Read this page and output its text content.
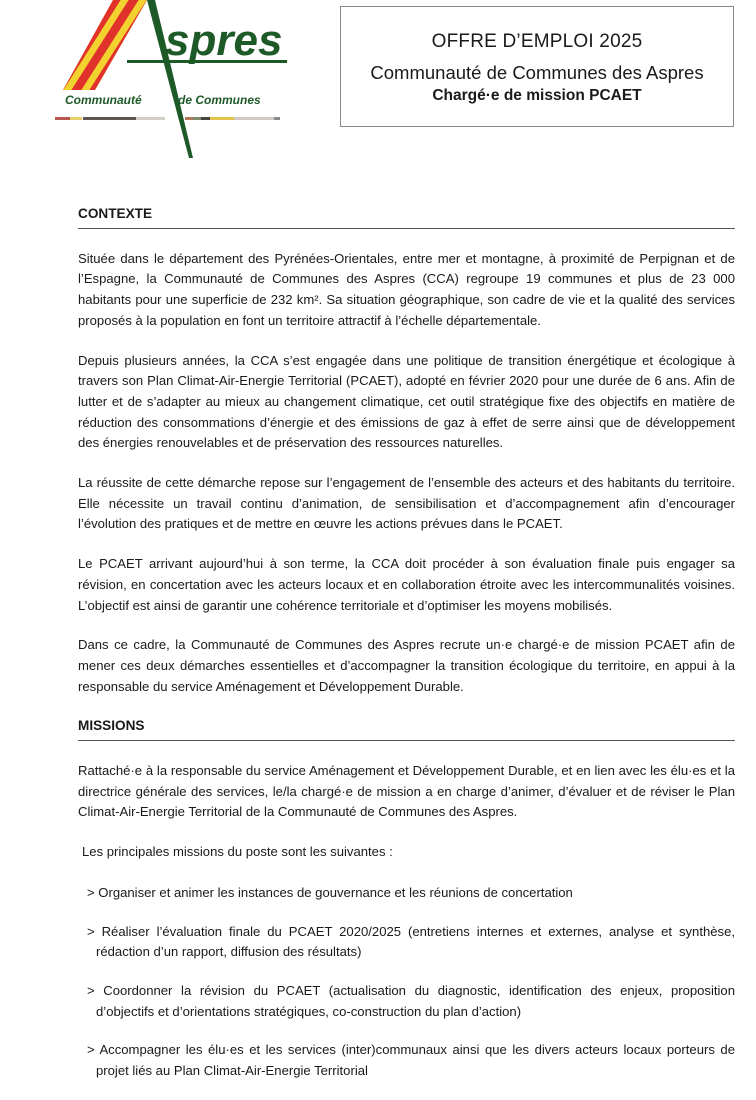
spres
Communauté	de Communes
OFFRE D’EMPLOI 2025
Communauté de Communes des Aspres
Chargé·e de mission PCAET
CONTEXTE

Située dans le département des Pyrénées-Orientales, entre mer et montagne, à proximité de Perpignan et de l’Espagne, la Communauté de Communes des Aspres (CCA) regroupe 19 communes et plus de 23 000 habitants pour une superficie de 232 km². Sa situation géographique, son cadre de vie et la qualité des services proposés à la population en font un territoire attractif à l’échelle départementale.

Depuis plusieurs années, la CCA s’est engagée dans une politique de transition énergétique et écologique à travers son Plan Climat-Air-Energie Territorial (PCAET), adopté en février 2020 pour une durée de 6 ans. Afin de lutter et de s’adapter au mieux au changement climatique, cet outil stratégique fixe des objectifs en matière de réduction des consommations d’énergie et des émissions de gaz à effet de serre ainsi que de développement des énergies renouvelables et de préservation des ressources naturelles.

La réussite de cette démarche repose sur l’engagement de l’ensemble des acteurs et des habitants du territoire. Elle nécessite un travail continu d’animation, de sensibilisation et d’accompagnement afin d’encourager l’évolution des pratiques et de mettre en œuvre les actions prévues dans le PCAET.

Le PCAET arrivant aujourd’hui à son terme, la CCA doit procéder à son évaluation finale puis engager sa révision, en concertation avec les acteurs locaux et en collaboration étroite avec les intercommunalités voisines. L’objectif est ainsi de garantir une cohérence territoriale et d’optimiser les moyens mobilisés.

Dans ce cadre, la Communauté de Communes des Aspres recrute un·e chargé·e de mission PCAET afin de mener ces deux démarches essentielles et d’accompagner la transition écologique du territoire, en appui à la responsable du service Aménagement et Développement Durable.

MISSIONS

Rattaché·e à la responsable du service Aménagement et Développement Durable, et en lien avec les élu·es et la directrice générale des services, le/la chargé·e de mission a en charge d’animer, d’évaluer et de réviser le Plan Climat-Air-Energie Territorial de la Communauté de Communes des Aspres.

Les principales missions du poste sont les suivantes :
> Organiser et animer les instances de gouvernance et les réunions de concertation
> Réaliser l’évaluation finale du PCAET 2020/2025 (entretiens internes et externes, analyse et synthèse, rédaction d’un rapport, diffusion des résultats)
> Coordonner la révision du PCAET (actualisation du diagnostic, identification des enjeux, proposition d’objectifs et d’orientations stratégiques, co-construction du plan d’action)
> Accompagner les élu·es et les services (inter)communaux ainsi que les divers acteurs locaux porteurs de projet liés au Plan Climat-Air-Energie Territorial
